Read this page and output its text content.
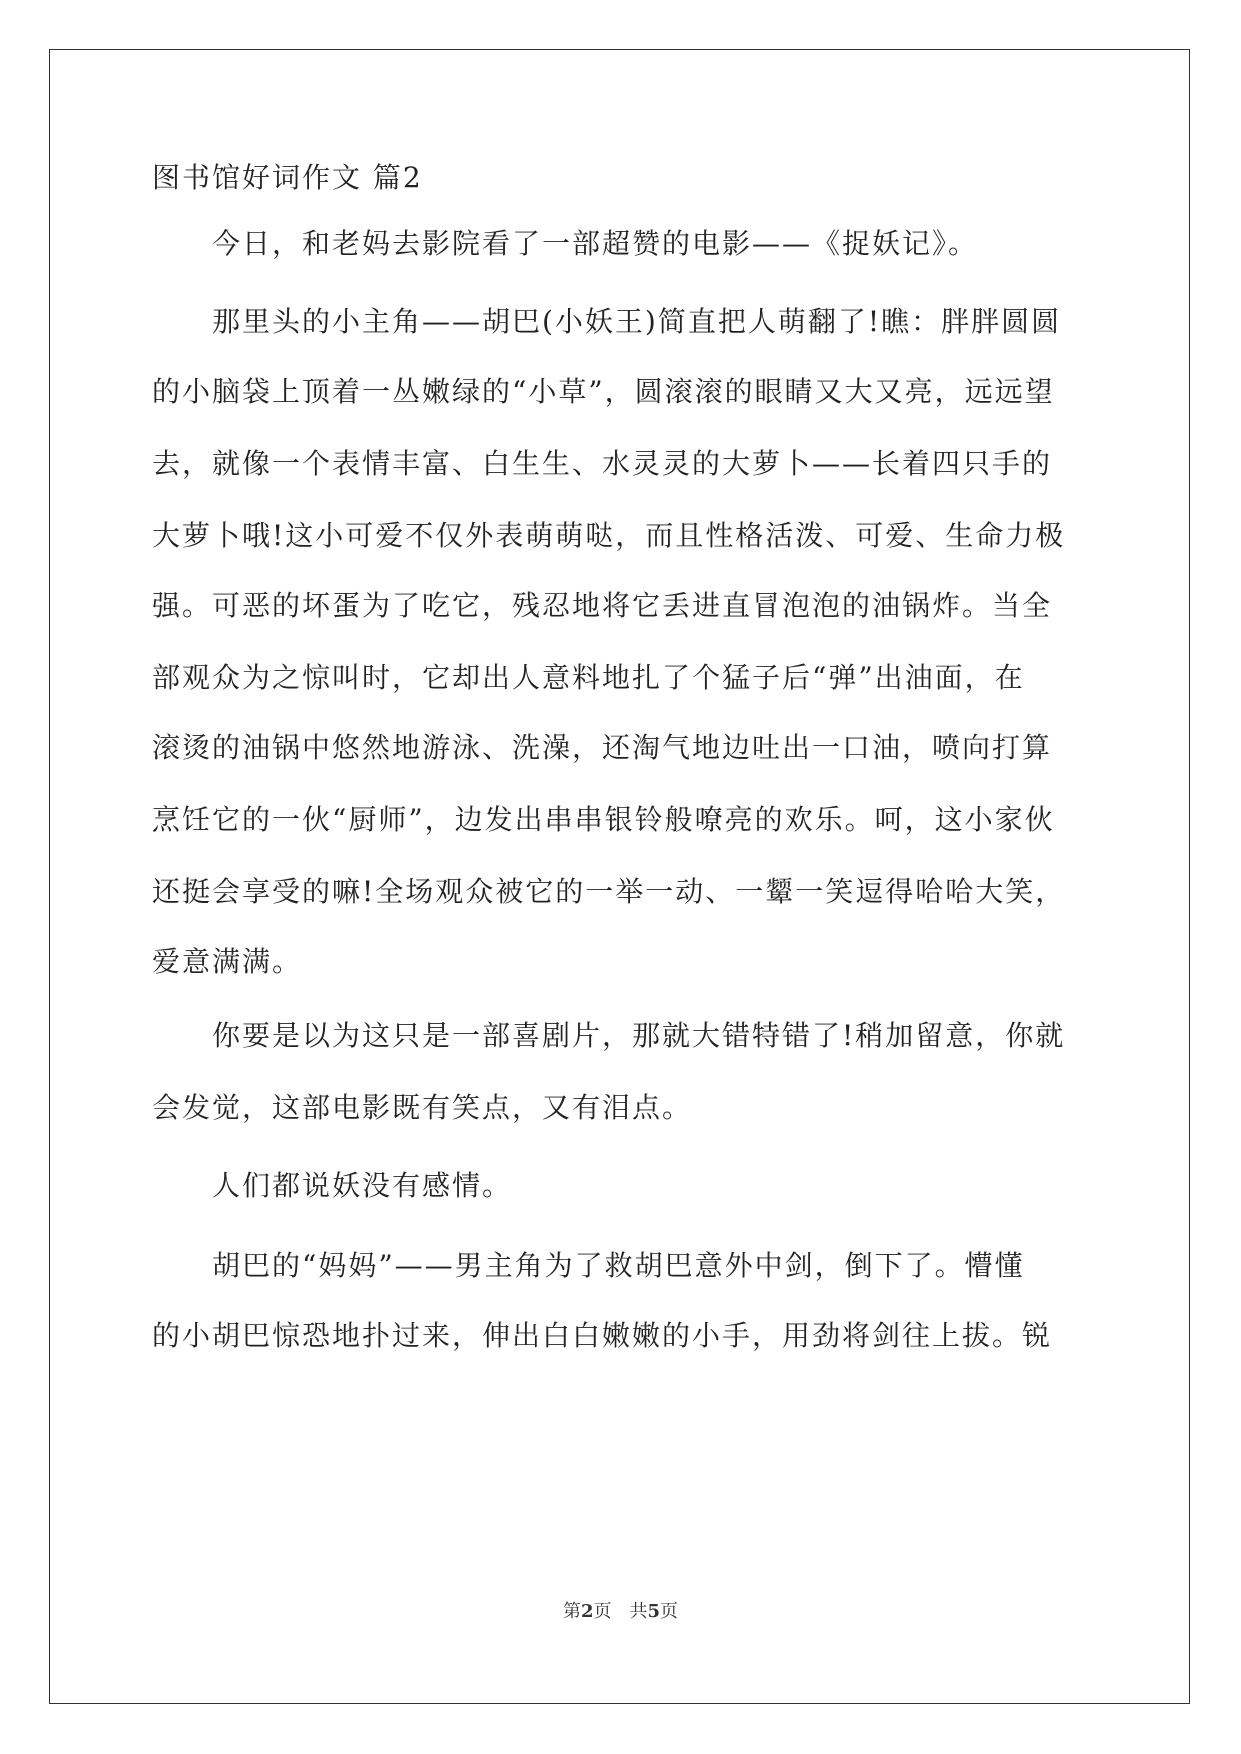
图书馆好词作文 篇2
今日，和老妈去影院看了一部超赞的电影——《捉妖记》。
那里头的小主角——胡巴(小妖王)简直把人萌翻了!瞧：胖胖圆圆
的小脑袋上顶着一丛嫩绿的“小草”，圆滚滚的眼睛又大又亮，远远望
去，就像一个表情丰富、白生生、水灵灵的大萝卜——长着四只手的
大萝卜哦!这小可爱不仅外表萌萌哒，而且性格活泼、可爱、生命力极
强。可恶的坏蛋为了吃它，残忍地将它丢进直冒泡泡的油锅炸。当全
部观众为之惊叫时，它却出人意料地扎了个猛子后“弹”出油面，在
滚烫的油锅中悠然地游泳、洗澡，还淘气地边吐出一口油，喷向打算
烹饪它的一伙“厨师”，边发出串串银铃般嘹亮的欢乐。呵，这小家伙
还挺会享受的嘛!全场观众被它的一举一动、一颦一笑逗得哈哈大笑，
爱意满满。
你要是以为这只是一部喜剧片，那就大错特错了!稍加留意，你就
会发觉，这部电影既有笑点，又有泪点。
人们都说妖没有感情。
胡巴的“妈妈”——男主角为了救胡巴意外中剑，倒下了。懵懂
的小胡巴惊恐地扑过来，伸出白白嫩嫩的小手，用劲将剑往上拔。锐
第2页　共5页
